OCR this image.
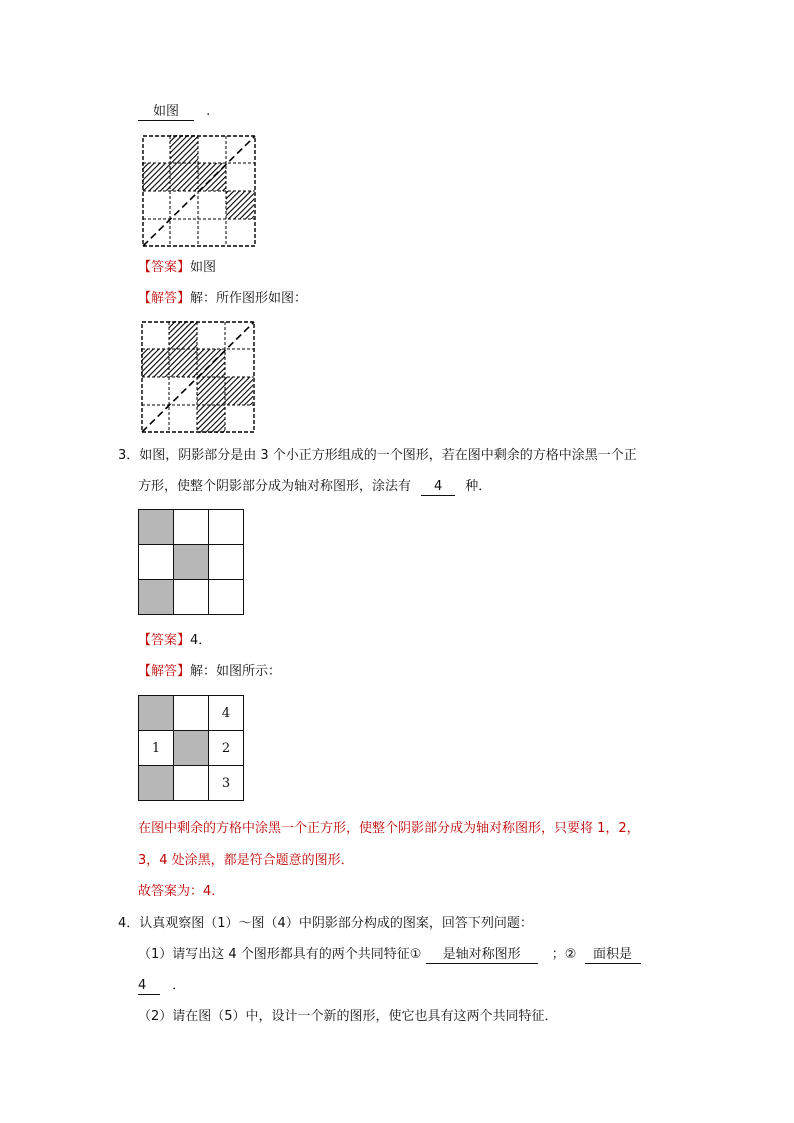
如图 .
【答案】如图
【解答】解：所作图形如图：
3．如图，阴影部分是由 3 个小正方形组成的一个图形，若在图中剩余的方格中涂黑一个正
方形，使整个阴影部分成为轴对称图形，涂法有 4 种．
【答案】4．
【解答】解：如图所示：
4
1	2
3
在图中剩余的方格中涂黑一个正方形，使整个阴影部分成为轴对称图形，只要将 1，2，
3，4 处涂黑，都是符合题意的图形．
故答案为：4．
4．认真观察图（1）～图（4）中阴影部分构成的图案，回答下列问题：
（1）请写出这 4 个图形都具有的两个共同特征① 是轴对称图形 ；② 面积是
4 ．
（2）请在图（5）中，设计一个新的图形，使它也具有这两个共同特征．
